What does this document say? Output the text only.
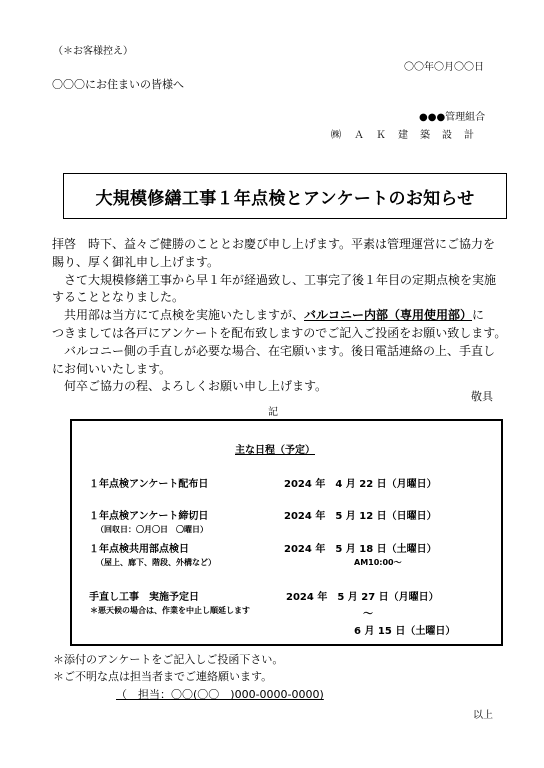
（＊お客様控え）
〇〇年〇月〇〇日
〇〇〇にお住まいの皆様へ
●●●管理組合
㈱ ＡＫ建築設計
大規模修繕工事１年点検とアンケートのお知らせ

拝啓　時下、益々ご健勝のこととお慶び申し上げます。平素は管理運営にご協力を

賜り、厚く御礼申し上げます。

　さて大規模修繕工事から早１年が経過致し、工事完了後１年目の定期点検を実施

することとなりました。

　共用部は当方にて点検を実施いたしますが、バルコニー内部（専用使用部）に

つきましては各戸にアンケートを配布致しますのでご記入ご投函をお願い致します。

　バルコニー側の手直しが必要な場合、在宅願います。後日電話連絡の上、手直し

にお伺いいたします。

　何卒ご協力の程、よろしくお願い申し上げます。

敬具
記
主な日程（予定）
１年点検アンケート配布日	2024 年　4 月 22 日（月曜日）
１年点検アンケート締切日	2024 年　5 月 12 日（日曜日）
（回収日：〇月〇日　〇曜日）
１年点検共用部点検日	2024 年　5 月 18 日（土曜日）
（屋上、廊下、階段、外構など）	AM10:00～
手直し工事　実施予定日	2024 年　5 月 27 日（月曜日）
＊悪天候の場合は、作業を中止し順延します	～
6 月 15 日（土曜日）
＊添付のアンケートをご記入しご投函下さい。
＊ご不明な点は担当者までご連絡願います。
（　担当：〇〇(〇〇　)000-0000-0000)
以上
